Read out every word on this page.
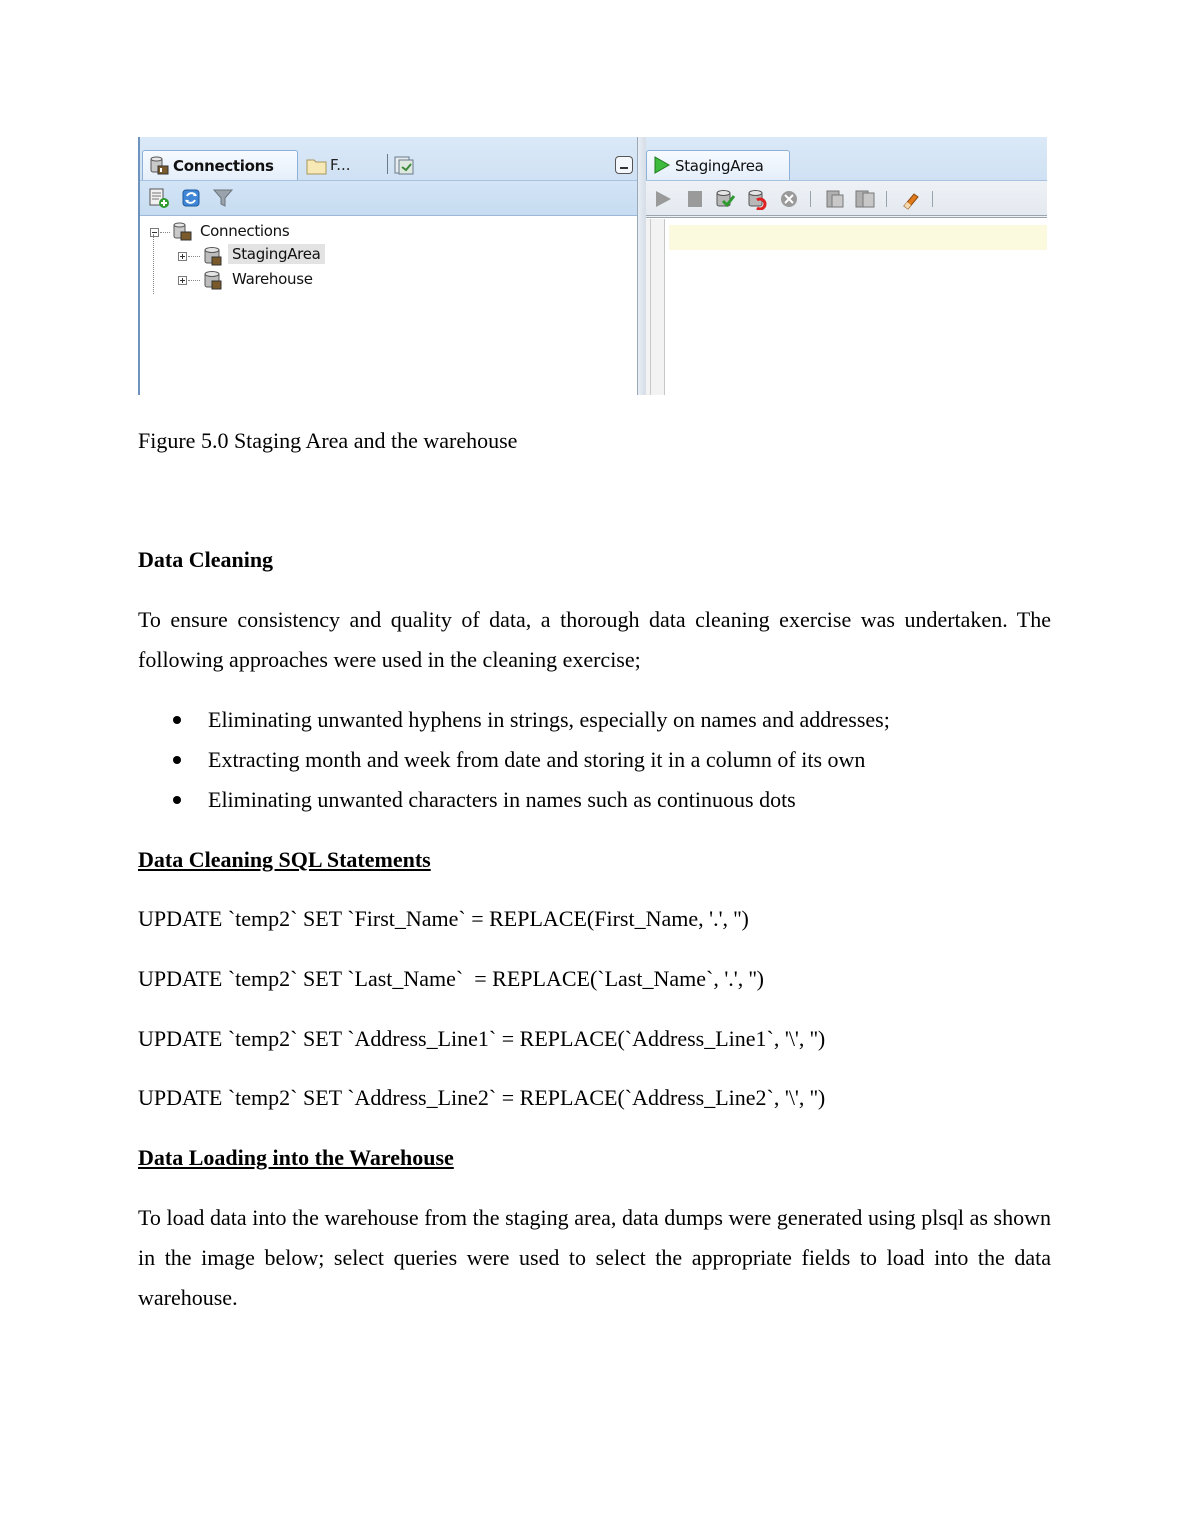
Connections	F...
Connections
StagingArea
Warehouse
StagingArea

Figure 5.0 Staging Area and the warehouse

Data Cleaning

To ensure consistency and quality of data, a thorough data cleaning exercise was undertaken. The following approaches were used in the cleaning exercise;

Eliminating unwanted hyphens in strings, especially on names and addresses;
Extracting month and week from date and storing it in a column of its own
Eliminating unwanted characters in names such as continuous dots

Data Cleaning SQL Statements

UPDATE `temp2` SET `First_Name` = REPLACE(First_Name, '.', '')

UPDATE `temp2` SET `Last_Name`  = REPLACE(`Last_Name`, '.', '')

UPDATE `temp2` SET `Address_Line1` = REPLACE(`Address_Line1`, '\', '')

UPDATE `temp2` SET `Address_Line2` = REPLACE(`Address_Line2`, '\', '')

Data Loading into the Warehouse

To load data into the warehouse from the staging area, data dumps were generated using plsql as shown in the image below; select queries were used to select the appropriate fields to load into the data warehouse.
